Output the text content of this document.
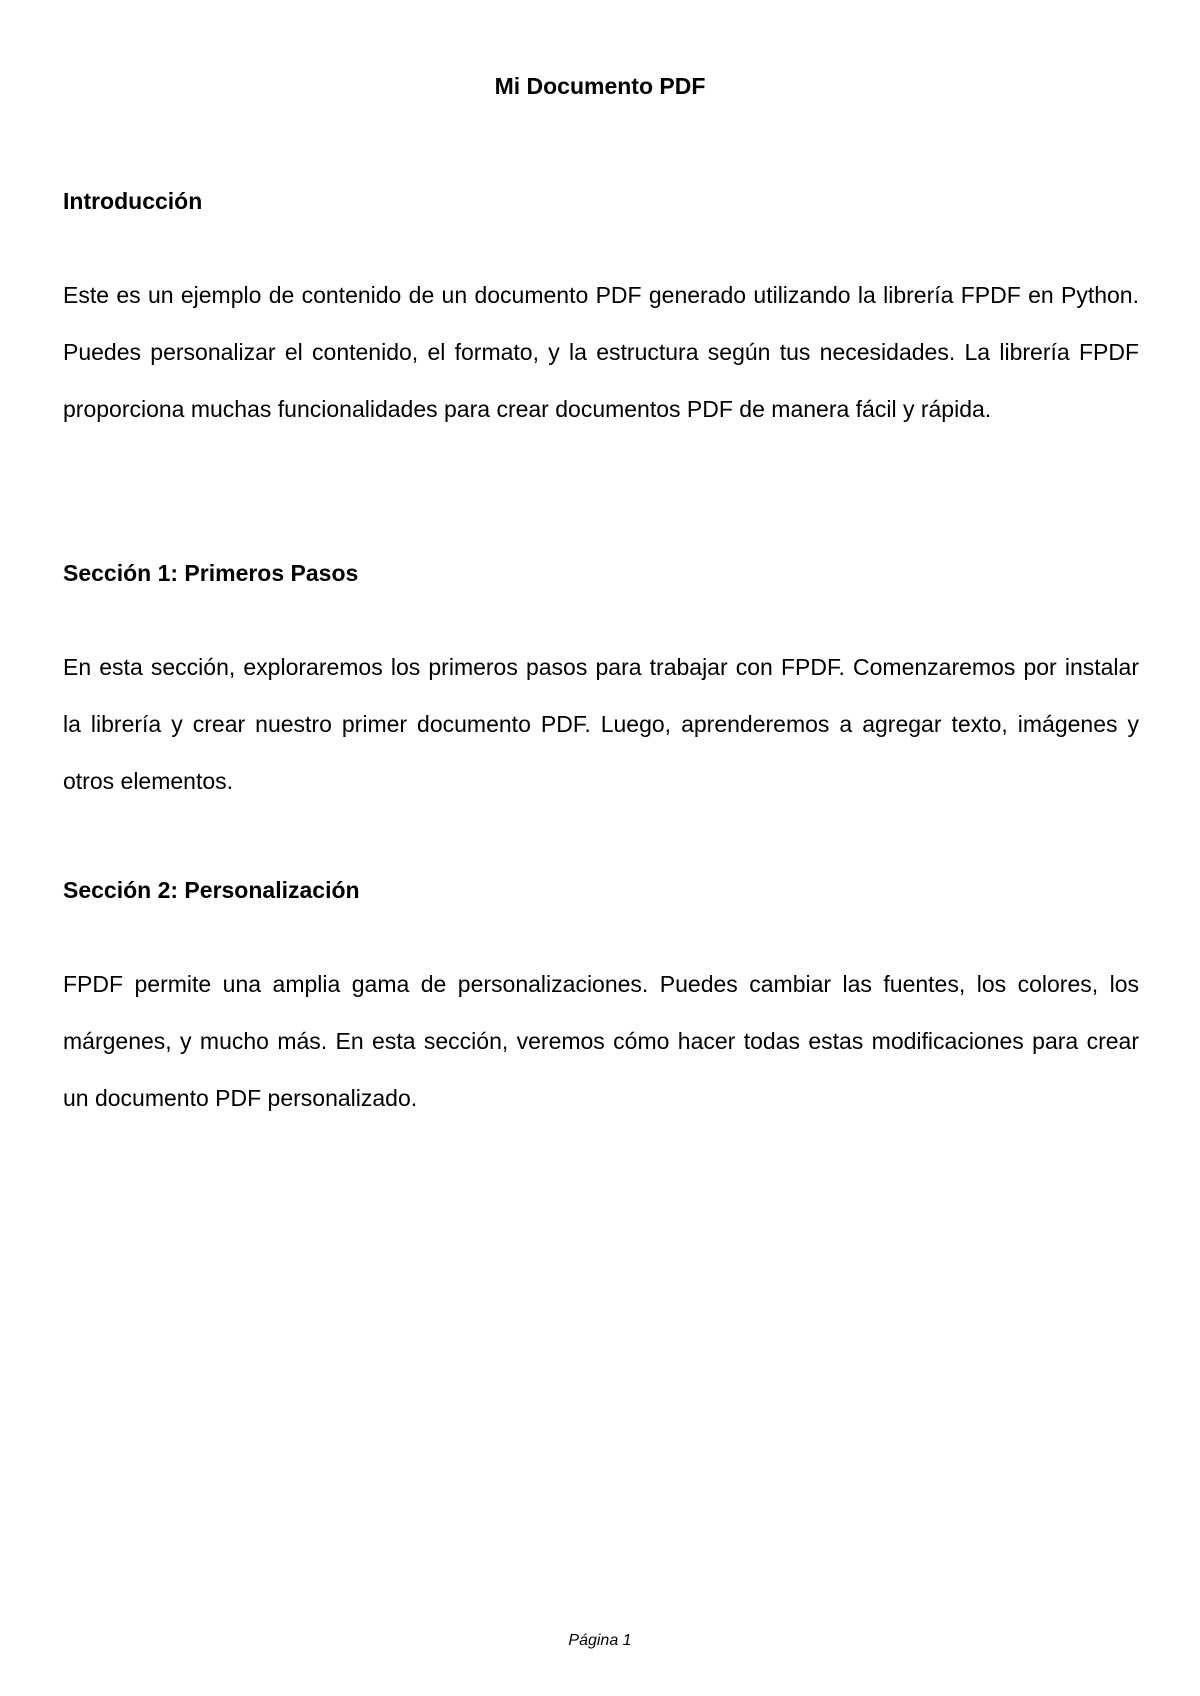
Mi Documento PDF
Introducción

Este es un ejemplo de contenido de un documento PDF generado utilizando la librería FPDF en Python. Puedes personalizar el contenido, el formato, y la estructura según tus necesidades. La librería FPDF proporciona muchas funcionalidades para crear documentos PDF de manera fácil y rápida.

Sección 1: Primeros Pasos

En esta sección, exploraremos los primeros pasos para trabajar con FPDF. Comenzaremos por instalar la librería y crear nuestro primer documento PDF. Luego, aprenderemos a agregar texto, imágenes y otros elementos.

Sección 2: Personalización

FPDF permite una amplia gama de personalizaciones. Puedes cambiar las fuentes, los colores, los márgenes, y mucho más. En esta sección, veremos cómo hacer todas estas modificaciones para crear un documento PDF personalizado.

Página 1
